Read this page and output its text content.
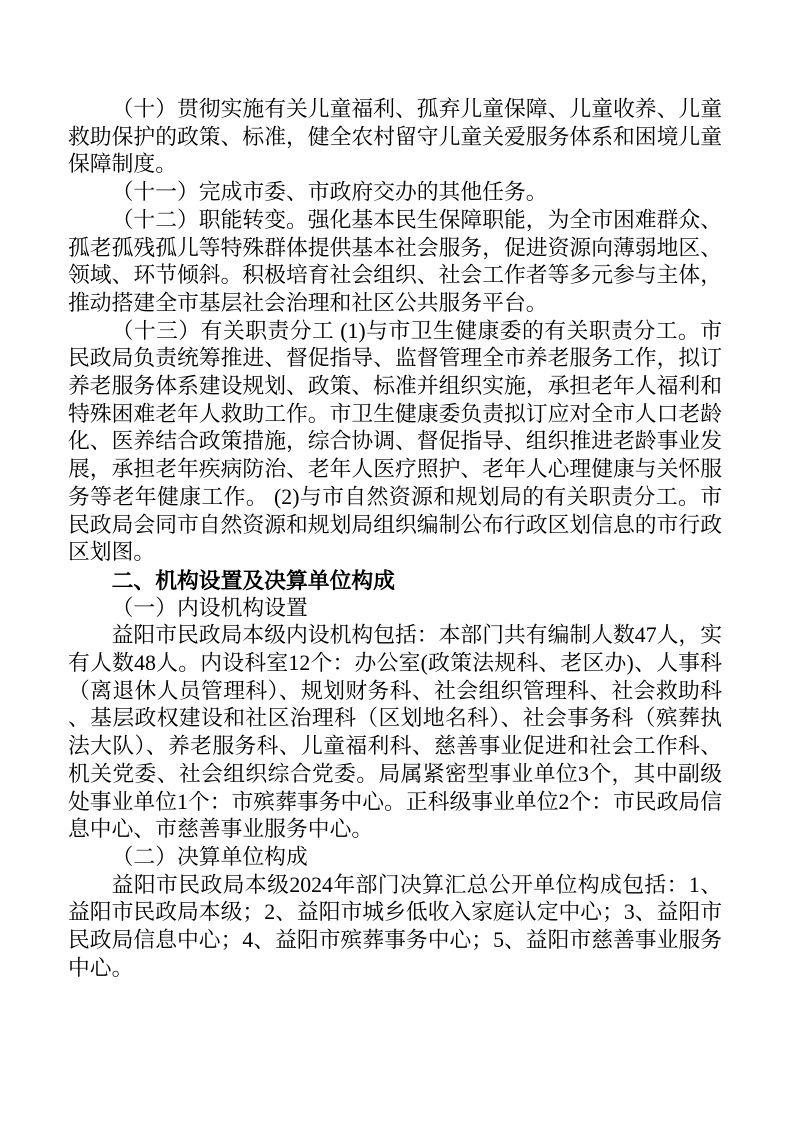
（十）贯彻实施有关儿童福利、孤弃儿童保障、儿童收养、儿童救助保护的政策、标准，健全农村留守儿童关爱服务体系和困境儿童保障制度。

（十一）完成市委、市政府交办的其他任务。

（十二）职能转变。强化基本民生保障职能，为全市困难群众、孤老孤残孤儿等特殊群体提供基本社会服务，促进资源向薄弱地区、领域、环节倾斜。积极培育社会组织、社会工作者等多元参与主体，推动搭建全市基层社会治理和社区公共服务平台。

（十三）有关职责分工 (1)与市卫生健康委的有关职责分工。市民政局负责统筹推进、督促指导、监督管理全市养老服务工作，拟订养老服务体系建设规划、政策、标准并组织实施，承担老年人福利和特殊困难老年人救助工作。市卫生健康委负责拟订应对全市人口老龄化、医养结合政策措施，综合协调、督促指导、组织推进老龄事业发展，承担老年疾病防治、老年人医疗照护、老年人心理健康与关怀服务等老年健康工作。 (2)与市自然资源和规划局的有关职责分工。市民政局会同市自然资源和规划局组织编制公布行政区划信息的市行政区划图。

二、机构设置及决算单位构成

（一）内设机构设置

益阳市民政局本级内设机构包括：本部门共有编制人数47人，实有人数48人。内设科室12个：办公室(政策法规科、老区办)、人事科（离退休人员管理科）、规划财务科、社会组织管理科、社会救助科、基层政权建设和社区治理科（区划地名科）、社会事务科（殡葬执法大队）、养老服务科、儿童福利科、慈善事业促进和社会工作科、机关党委、社会组织综合党委。局属紧密型事业单位3个，其中副级处事业单位1个：市殡葬事务中心。正科级事业单位2个：市民政局信息中心、市慈善事业服务中心。

（二）决算单位构成

益阳市民政局本级2024年部门决算汇总公开单位构成包括：1、益阳市民政局本级；2、益阳市城乡低收入家庭认定中心；3、益阳市民政局信息中心；4、益阳市殡葬事务中心；5、益阳市慈善事业服务中心。
